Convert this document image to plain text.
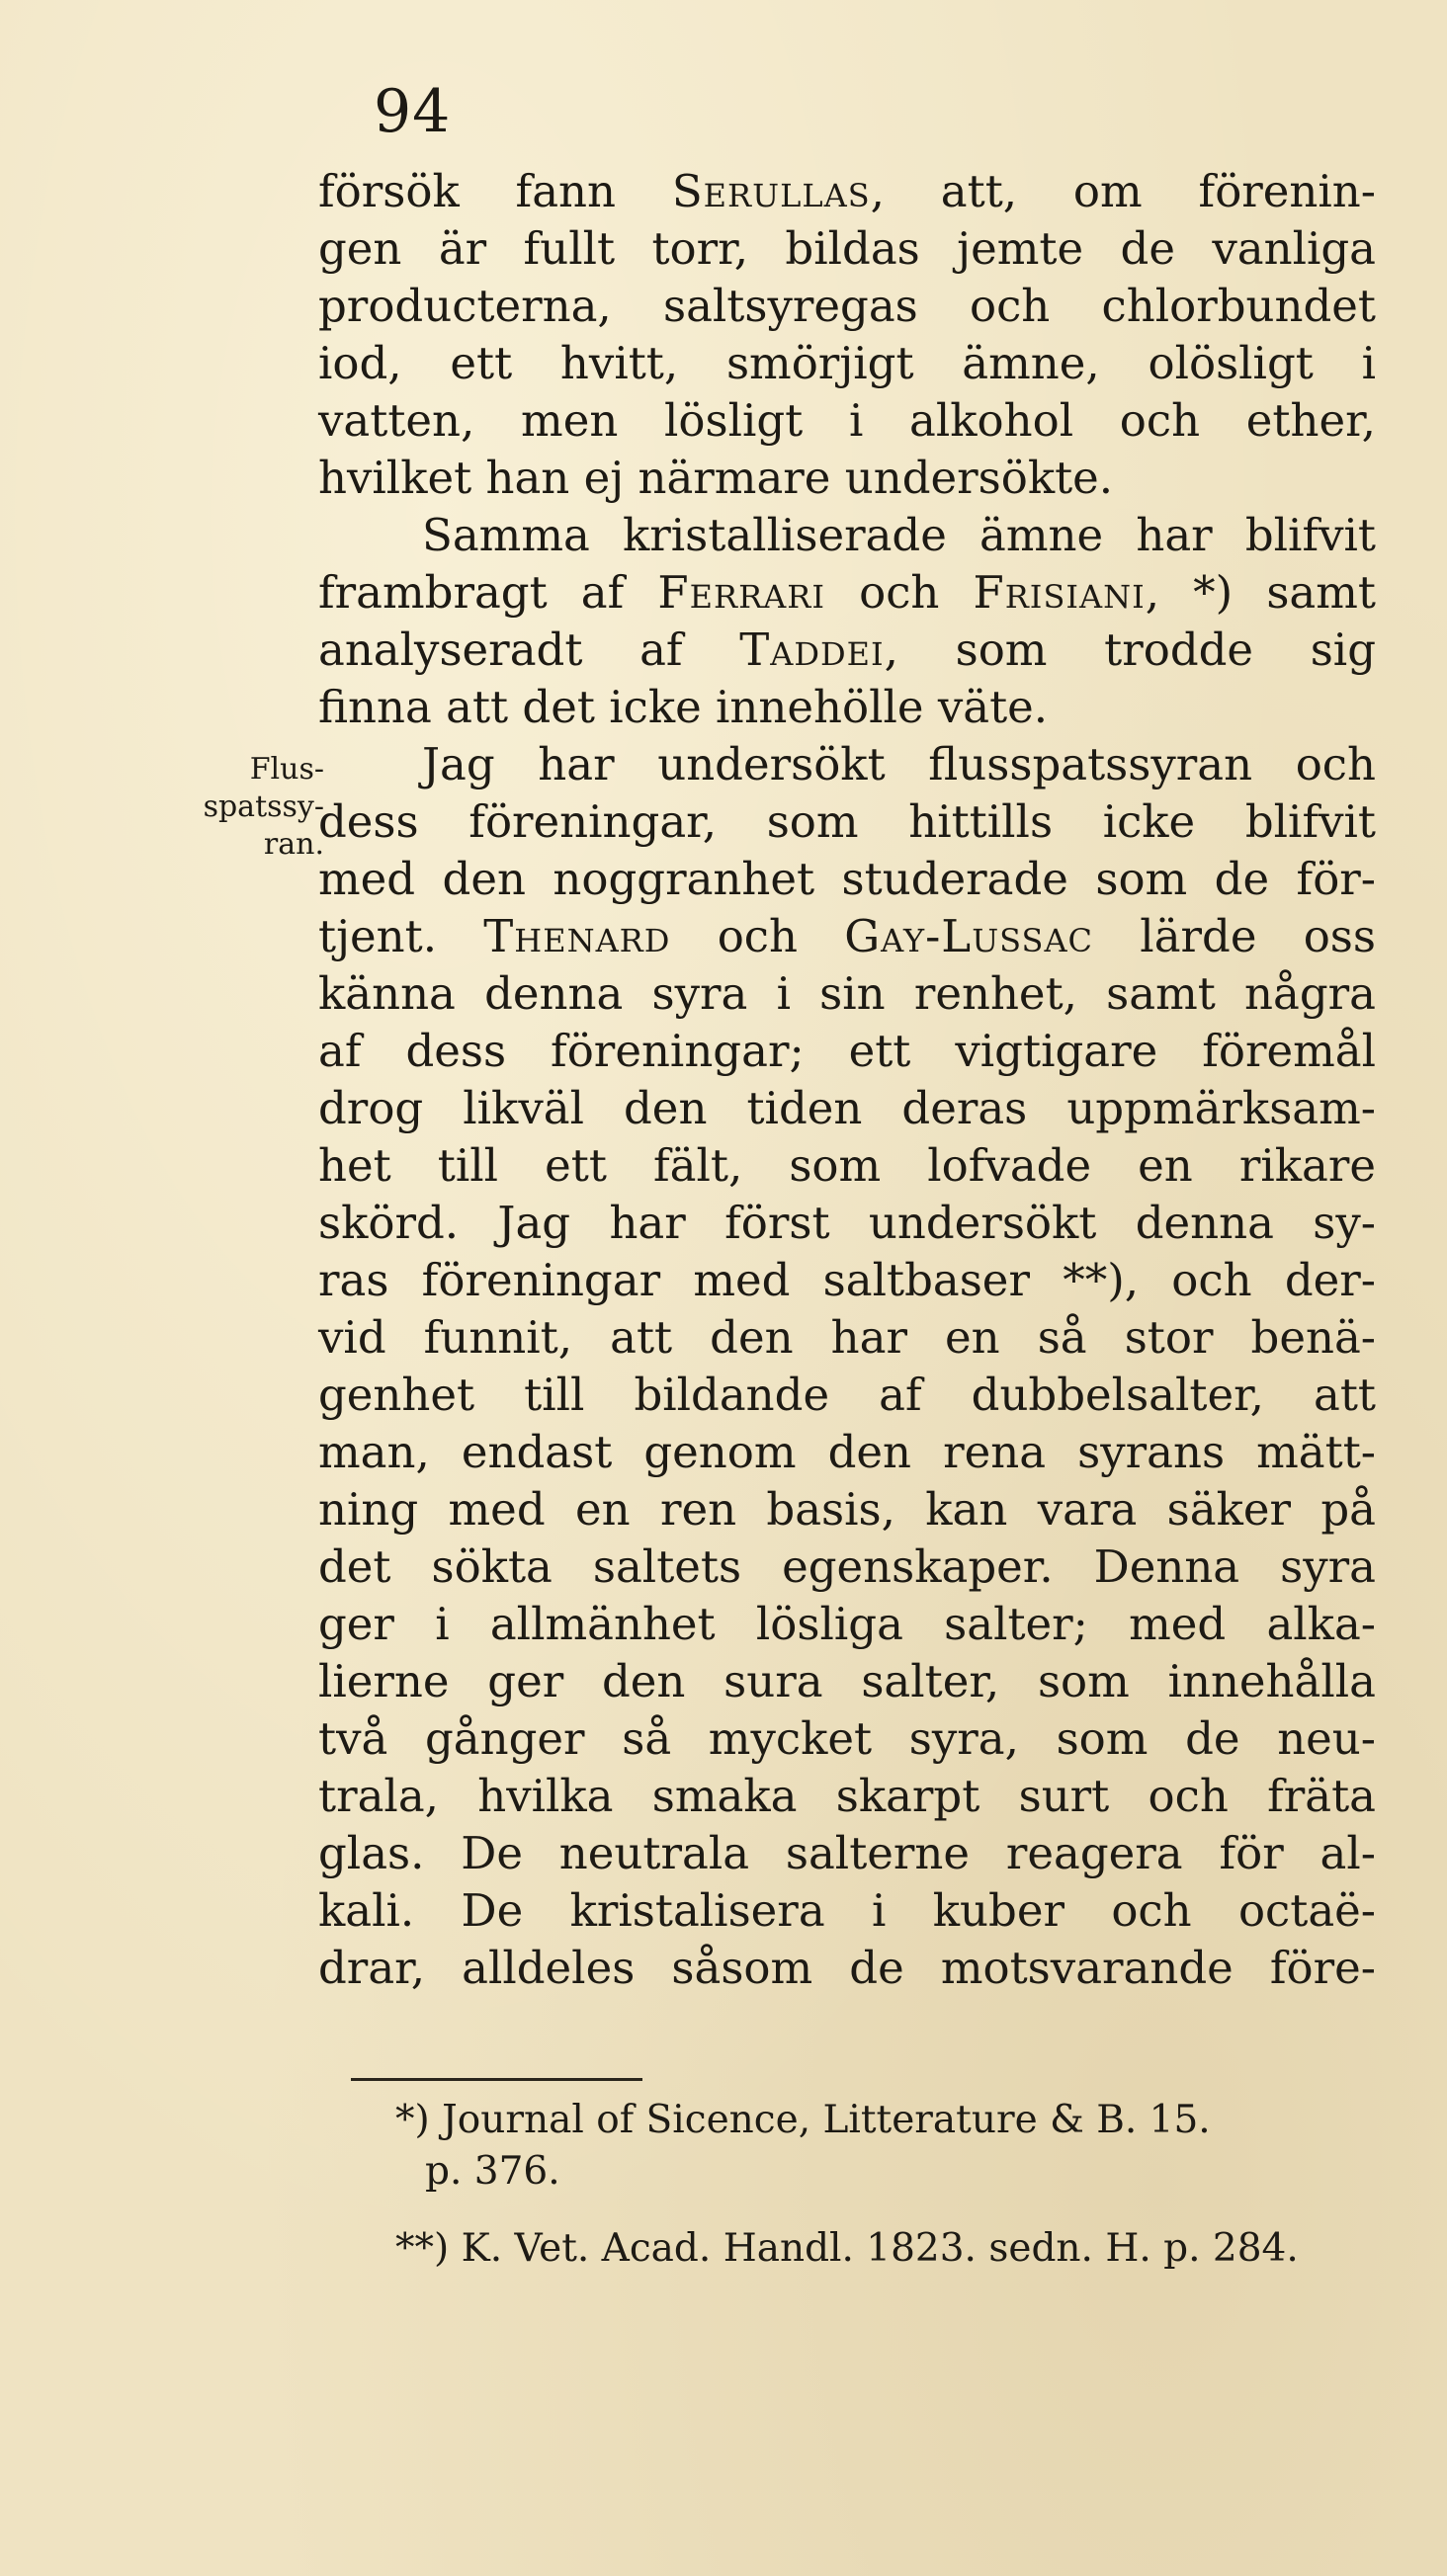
94
Flus-
spatssy-
ran.
försök fann Serullas, att, om förenin-
gen är fullt torr, bildas jemte de vanliga
producterna, saltsyregas och chlorbundet
iod, ett hvitt, smörjigt ämne, olösligt i
vatten, men lösligt i alkohol och ether,
hvilket han ej närmare undersökte.
Samma kristalliserade ämne har blifvit
frambragt af Ferrari och Frisiani, *) samt
analyseradt af Taddei, som trodde sig
finna att det icke innehölle väte.
Jag har undersökt flusspatssyran och
dess föreningar, som hittills icke blifvit
med den noggranhet studerade som de för-
tjent. Thenard och Gay-Lussac lärde oss
känna denna syra i sin renhet, samt några
af dess föreningar; ett vigtigare föremål
drog likväl den tiden deras uppmärksam-
het till ett fält, som lofvade en rikare
skörd. Jag har först undersökt denna sy-
ras föreningar med saltbaser **), och der-
vid funnit, att den har en så stor benä-
genhet till bildande af dubbelsalter, att
man, endast genom den rena syrans mätt-
ning med en ren basis, kan vara säker på
det sökta saltets egenskaper. Denna syra
ger i allmänhet lösliga salter; med alka-
lierne ger den sura salter, som innehålla
två gånger så mycket syra, som de neu-
trala, hvilka smaka skarpt surt och fräta
glas. De neutrala salterne reagera för al-
kali. De kristalisera i kuber och octaë-
drar, alldeles såsom de motsvarande före-
*) Journal of Sicence, Litterature & B. 15.
p. 376.
**) K. Vet. Acad. Handl. 1823. sedn. H. p. 284.
